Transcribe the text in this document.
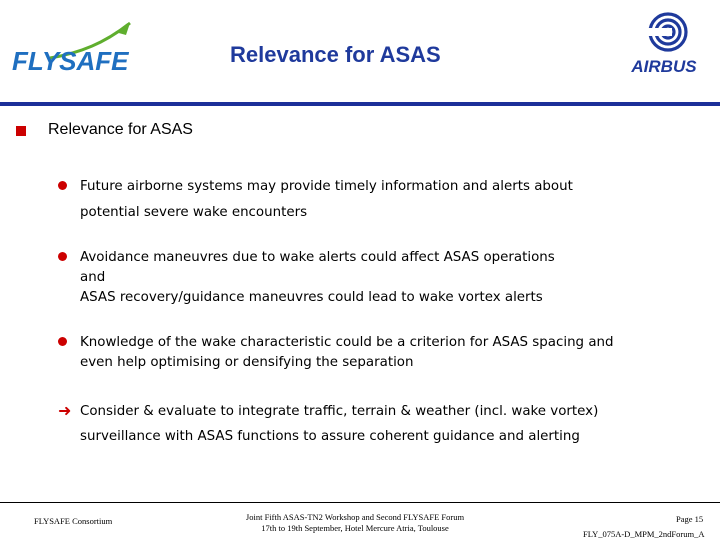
FLYSAFE	Relevance for ASAS	AIRBUS
Relevance for ASAS
Future airborne systems may provide timely information and alerts about
potential severe wake encounters
Avoidance maneuvres due to wake alerts could affect ASAS operations
and
ASAS recovery/guidance maneuvres could lead to wake vortex alerts
Knowledge of the wake characteristic could be a criterion for ASAS spacing and
even help optimising or densifying the separation
➜ Consider & evaluate to integrate traffic, terrain & weather (incl. wake vortex)
surveillance with ASAS functions to assure coherent guidance and alerting
FLYSAFE Consortium	Joint Fifth ASAS-TN2 Workshop and Second FLYSAFE Forum
17th to 19th September, Hotel Mercure Atria, Toulouse
Page 15
FLY_075A-D_MPM_2ndForum_A
